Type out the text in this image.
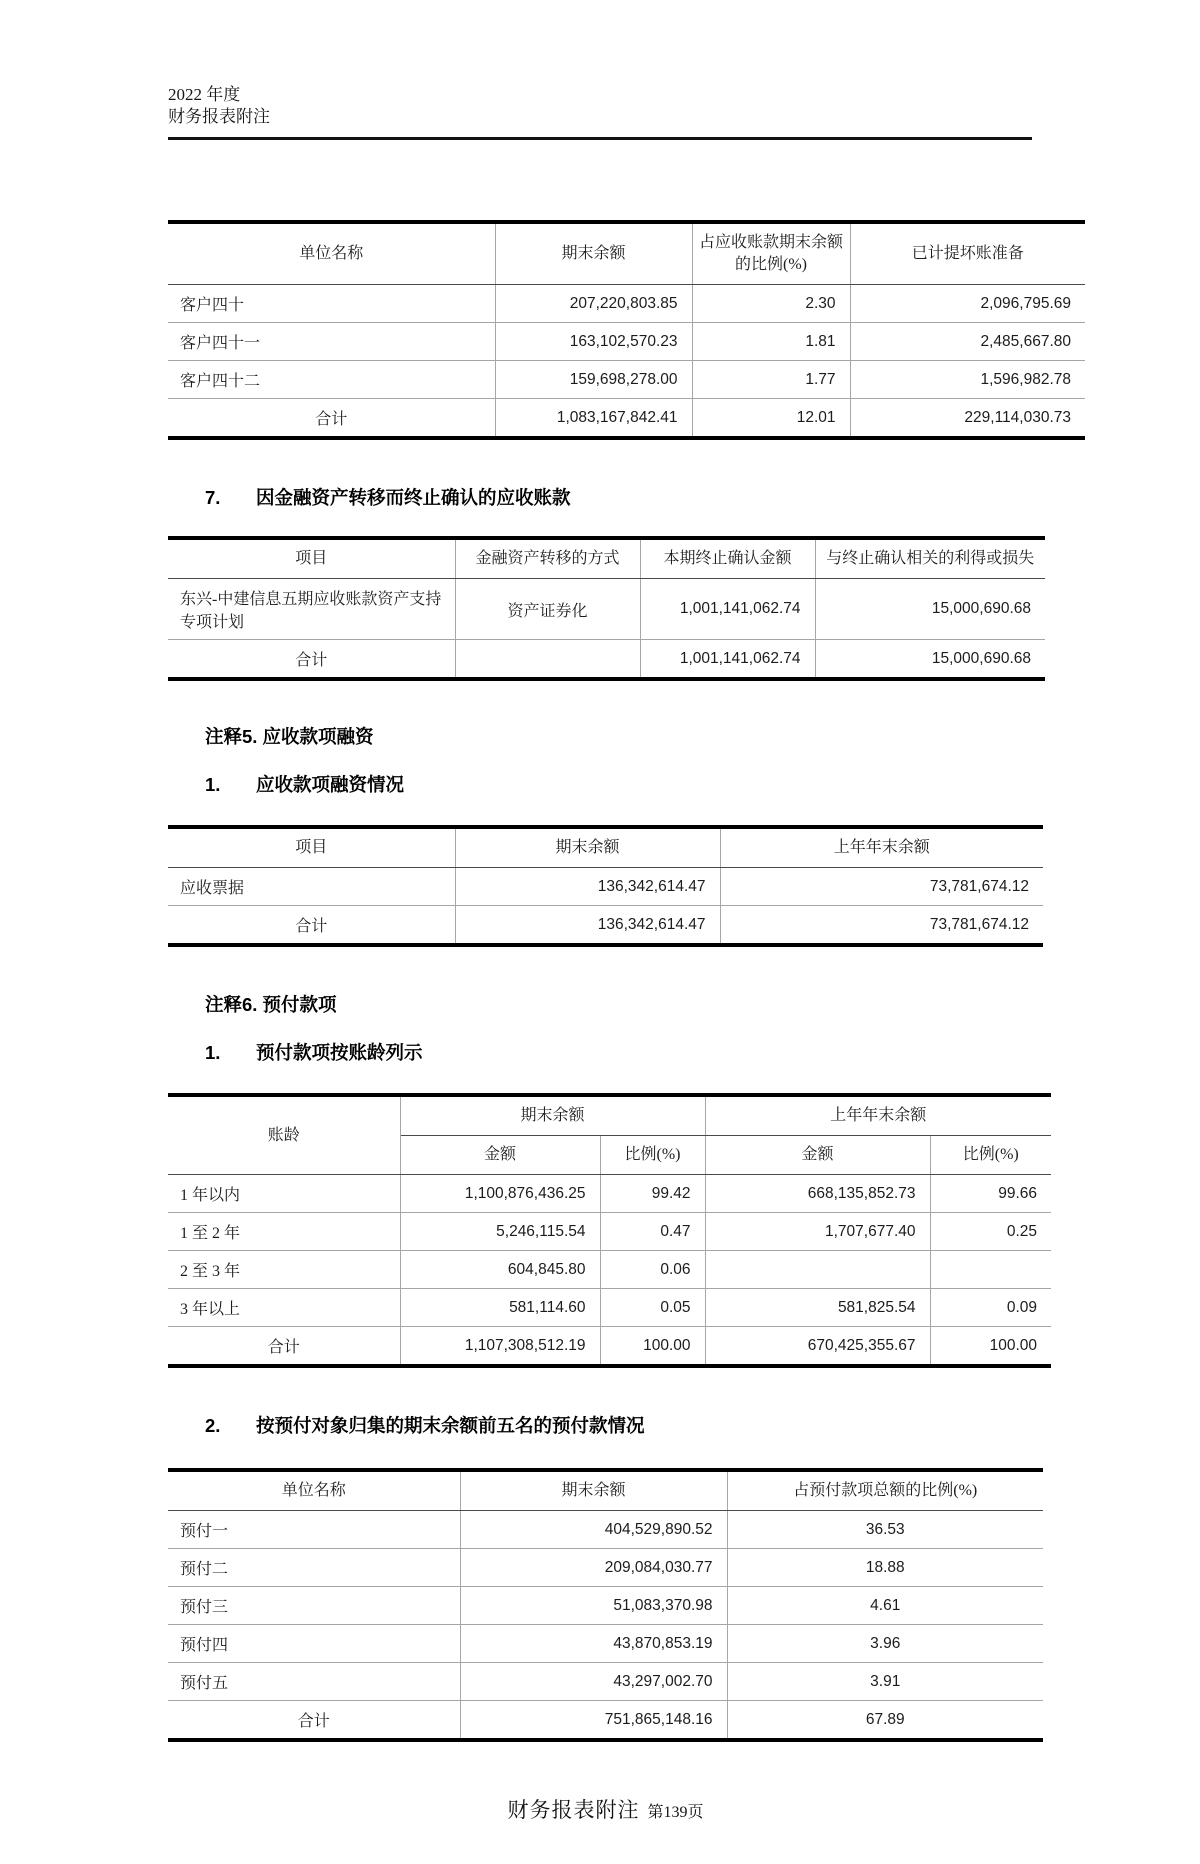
2022 年度
财务报表附注
单位名称	期末余额	占应收账款期末余额的比例(%)	已计提坏账准备
客户四十	207,220,803.85	2.30	2,096,795.69
客户四十一	163,102,570.23	1.81	2,485,667.80
客户四十二	159,698,278.00	1.77	1,596,982.78
合计	1,083,167,842.41	12.01	229,114,030.73
7. 因金融资产转移而终止确认的应收账款
项目	金融资产转移的方式	本期终止确认金额	与终止确认相关的利得或损失
东兴-中建信息五期应收账款资产支持专项计划	资产证券化	1,001,141,062.74	15,000,690.68
合计		1,001,141,062.74	15,000,690.68
注释5. 应收款项融资
1. 应收款项融资情况
项目	期末余额	上年年末余额
应收票据	136,342,614.47	73,781,674.12
合计	136,342,614.47	73,781,674.12
注释6. 预付款项
1. 预付款项按账龄列示
账龄	期末余额		上年年末余额	
	金额	比例(%)	金额	比例(%)
1 年以内	1,100,876,436.25	99.42	668,135,852.73	99.66
1 至 2 年	5,246,115.54	0.47	1,707,677.40	0.25
2 至 3 年	604,845.80	0.06		
3 年以上	581,114.60	0.05	581,825.54	0.09
合计	1,107,308,512.19	100.00	670,425,355.67	100.00
2. 按预付对象归集的期末余额前五名的预付款情况
单位名称	期末余额	占预付款项总额的比例(%)
预付一	404,529,890.52	36.53
预付二	209,084,030.77	18.88
预付三	51,083,370.98	4.61
预付四	43,870,853.19	3.96
预付五	43,297,002.70	3.91
合计	751,865,148.16	67.89
财务报表附注 第139页
